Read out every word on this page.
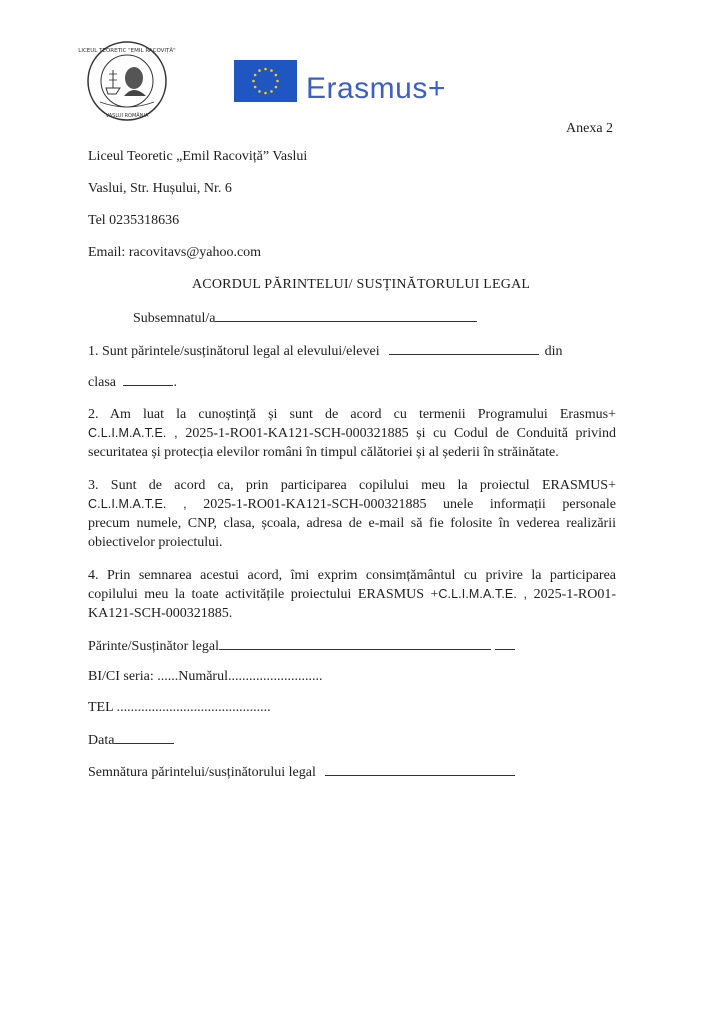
LICEUL TEORETIC "EMIL RACOVIȚĂ"
VASLUI ROMÂNIA
Erasmus+
Anexa 2
Liceul Teoretic „Emil Racoviță” Vaslui
Vaslui, Str. Hușului, Nr. 6
Tel 0235318636
Email: racovitavs@yahoo.com
ACORDUL PĂRINTELUI/ SUSȚINĂTORULUI LEGAL
Subsemnatul/a
1. Sunt părintele/susținătorul legal al elevului/elevei	din
clasa	.
2. Am luat la cunoștință și sunt de acord cu termenii Programului Erasmus+
C.L.I.M.A.T.E. , 2025-1-RO01-KA121-SCH-000321885 și cu Codul de Conduită privind
securitatea și protecția elevilor români în timpul călătoriei și al șederii în străinătate.
3. Sunt de acord ca, prin participarea copilului meu la proiectul ERASMUS+
C.L.I.M.A.T.E. , 2025-1-RO01-KA121-SCH-000321885 unele informații personale
precum numele, CNP, clasa, școala, adresa de e-mail să fie folosite în vederea realizării
obiectivelor proiectului.
4. Prin semnarea acestui acord, îmi exprim consimțământul cu privire la participarea
copilului meu la toate activitățile proiectului ERASMUS +C.L.I.M.A.T.E. , 2025-1-RO01-
KA121-SCH-000321885.
Părinte/Susținător legal
BI/CI seria: ......Numărul...........................
TEL ............................................
Data
Semnătura părintelui/susținătorului legal
